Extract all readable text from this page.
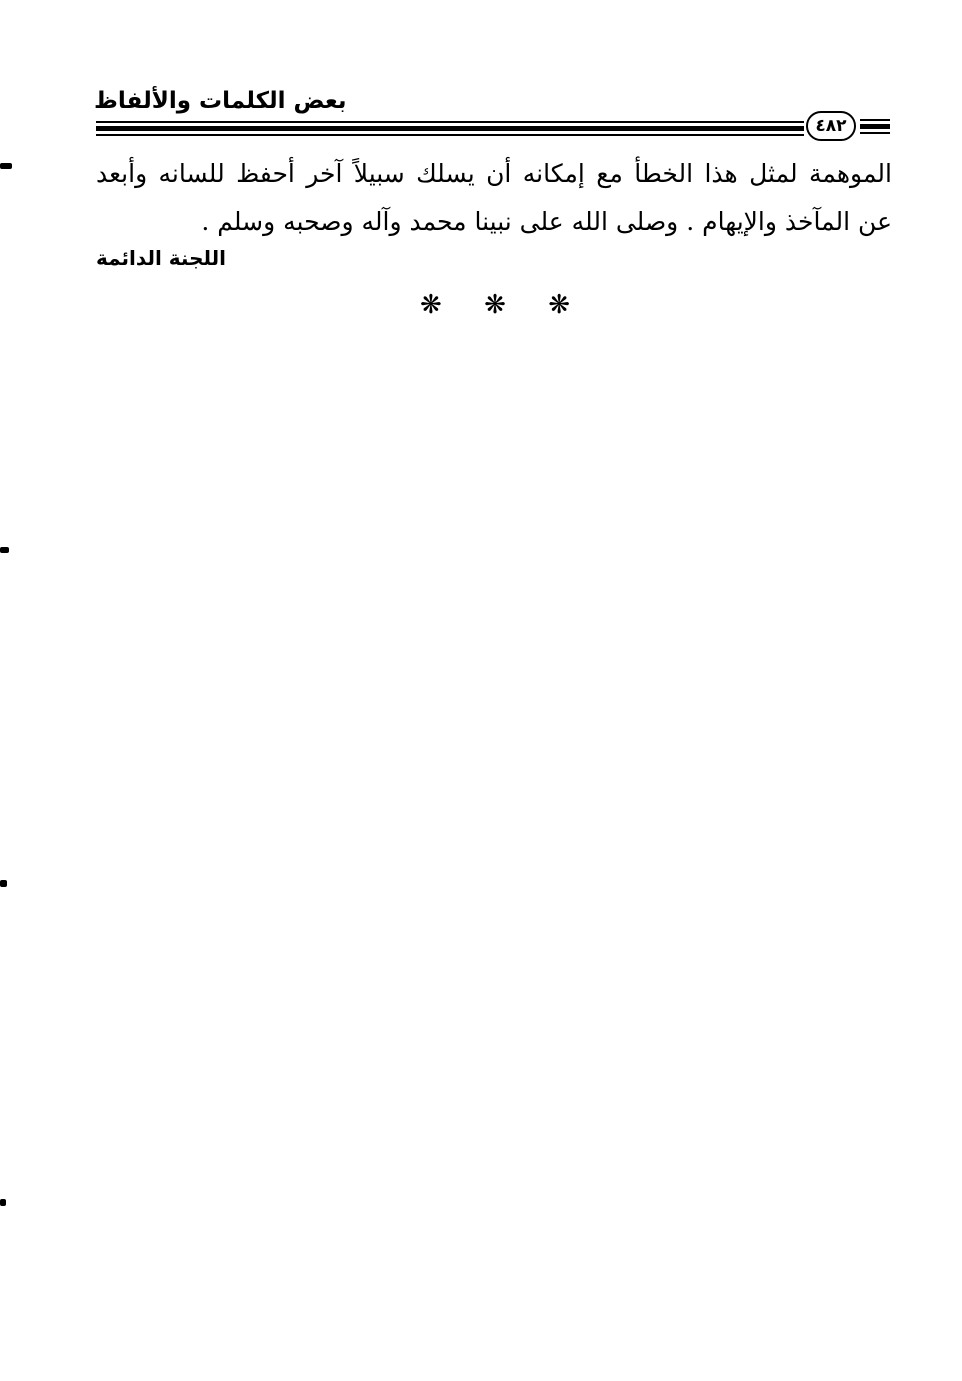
بعض الكلمات والألفاظ
٤٨٢
الموهمة لمثل هذا الخطأ مع إمكانه أن يسلك سبيلاً آخر أحفظ للسانه وأبعد عن المآخذ والإيهام . وصلى الله على نبينا محمد وآله وصحبه وسلم .
اللجنة الدائمة
❋ ❋ ❋
